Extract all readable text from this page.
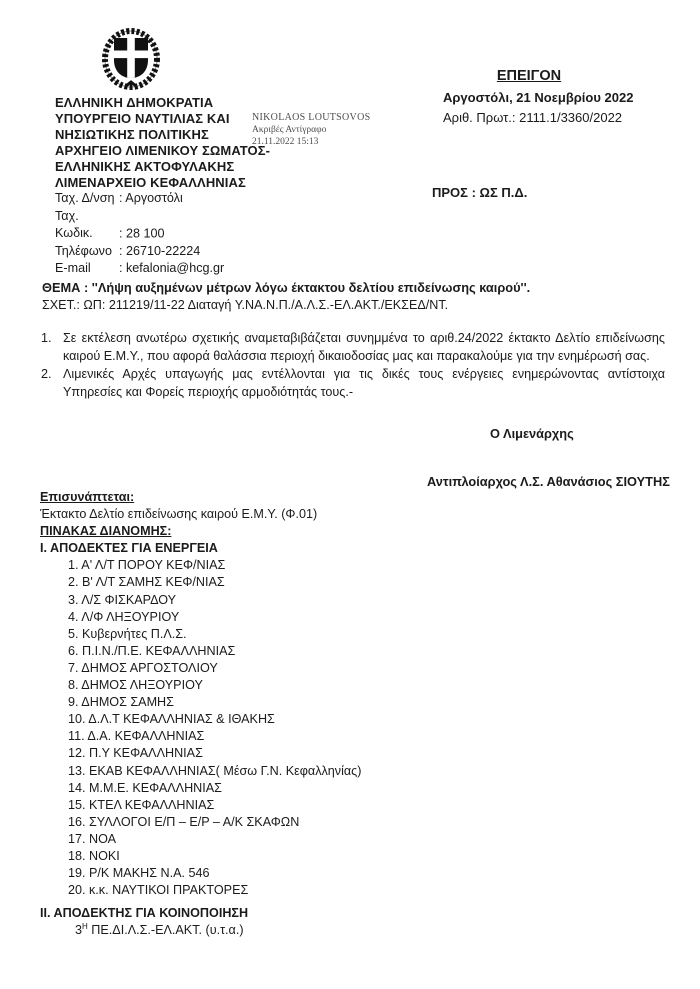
ΕΛΛΗΝΙΚΗ ΔΗΜΟΚΡΑΤΙΑ
ΥΠΟΥΡΓΕΙΟ ΝΑΥΤΙΛΙΑΣ ΚΑΙ
ΝΗΣΙΩΤΙΚΗΣ ΠΟΛΙΤΙΚΗΣ
ΑΡΧΗΓΕΙΟ ΛΙΜΕΝΙΚΟΥ ΣΩΜΑΤΟΣ-
ΕΛΛΗΝΙΚΗΣ ΑΚΤΟΦΥΛΑΚΗΣ
ΛΙΜΕΝΑΡΧΕΙΟ ΚΕΦΑΛΛΗΝΙΑΣ
NIKOLAOS LOUTSOVOS
Ακριβές Αντίγραφο
21.11.2022 15:13
ΕΠΕΙΓΟΝ
Αργοστόλι, 21 Νοεμβρίου 2022
Αριθ. Πρωτ.: 2111.1/3360/2022
ΠΡΟΣ : ΩΣ Π.Δ.
Ταχ. Δ/νση : Αργοστόλι
Ταχ. Κωδικ. : 28 100
Τηλέφωνο : 26710-22224
E-mail : kefalonia@hcg.gr
ΘΕΜΑ : ''Λήψη αυξημένων μέτρων λόγω έκτακτου δελτίου επιδείνωσης καιρού''.
ΣΧΕΤ.: ΩΠ: 211219/11-22 Διαταγή Υ.ΝΑ.Ν.Π./Α.Λ.Σ.-ΕΛ.ΑΚΤ./ΕΚΣΕΔ/ΝΤ.
1. Σε εκτέλεση ανωτέρω σχετικής αναμεταβιβάζεται συνημμένα το αριθ.24/2022 έκτακτο Δελτίο επιδείνωσης καιρού Ε.Μ.Υ., που αφορά θαλάσσια περιοχή δικαιοδοσίας μας και παρακαλούμε για την ενημέρωσή σας.
2. Λιμενικές Αρχές υπαγωγής μας εντέλλονται για τις δικές τους ενέργειες ενημερώνοντας αντίστοιχα Υπηρεσίες και Φορείς περιοχής αρμοδιότητάς τους.-
Ο Λιμενάρχης
Αντιπλοίαρχος Λ.Σ. Αθανάσιος ΣΙΟΥΤΗΣ
Επισυνάπτεται:
Έκτακτο Δελτίο επιδείνωσης καιρού Ε.Μ.Υ. (Φ.01)
ΠΙΝΑΚΑΣ ΔΙΑΝΟΜΗΣ:
Ι. ΑΠΟΔΕΚΤΕΣ ΓΙΑ ΕΝΕΡΓΕΙΑ
1. Α' Λ/Τ ΠΟΡΟΥ ΚΕΦ/ΝΙΑΣ
2. Β' Λ/Τ ΣΑΜΗΣ ΚΕΦ/ΝΙΑΣ
3. Λ/Σ ΦΙΣΚΑΡΔΟΥ
4. Λ/Φ ΛΗΞΟΥΡΙΟΥ
5. Κυβερνήτες Π.Λ.Σ.
6. Π.Ι.Ν./Π.Ε. ΚΕΦΑΛΛΗΝΙΑΣ
7. ΔΗΜΟΣ ΑΡΓΟΣΤΟΛΙΟΥ
8. ΔΗΜΟΣ ΛΗΞΟΥΡΙΟΥ
9. ΔΗΜΟΣ ΣΑΜΗΣ
10. Δ.Λ.Τ ΚΕΦΑΛΛΗΝΙΑΣ & ΙΘΑΚΗΣ
11. Δ.Α. ΚΕΦΑΛΛΗΝΙΑΣ
12. Π.Υ ΚΕΦΑΛΛΗΝΙΑΣ
13. ΕΚΑΒ ΚΕΦΑΛΛΗΝΙΑΣ( Μέσω Γ.Ν. Κεφαλληνίας)
14. Μ.Μ.Ε. ΚΕΦΑΛΛΗΝΙΑΣ
15. ΚΤΕΛ ΚΕΦΑΛΛΗΝΙΑΣ
16. ΣΥΛΛΟΓΟΙ Ε/Π – Ε/Ρ – Α/Κ ΣΚΑΦΩΝ
17. ΝΟΑ
18. ΝΟΚΙ
19. Ρ/Κ ΜΑΚΗΣ Ν.Α. 546
20. κ.κ. ΝΑΥΤΙΚΟΙ ΠΡΑΚΤΟΡΕΣ
ΙΙ. ΑΠΟΔΕΚΤΗΣ ΓΙΑ ΚΟΙΝΟΠΟΙΗΣΗ
$3^H$ ΠΕ.ΔΙ.Λ.Σ.-ΕΛ.ΑΚΤ. (υ.τ.α.)
